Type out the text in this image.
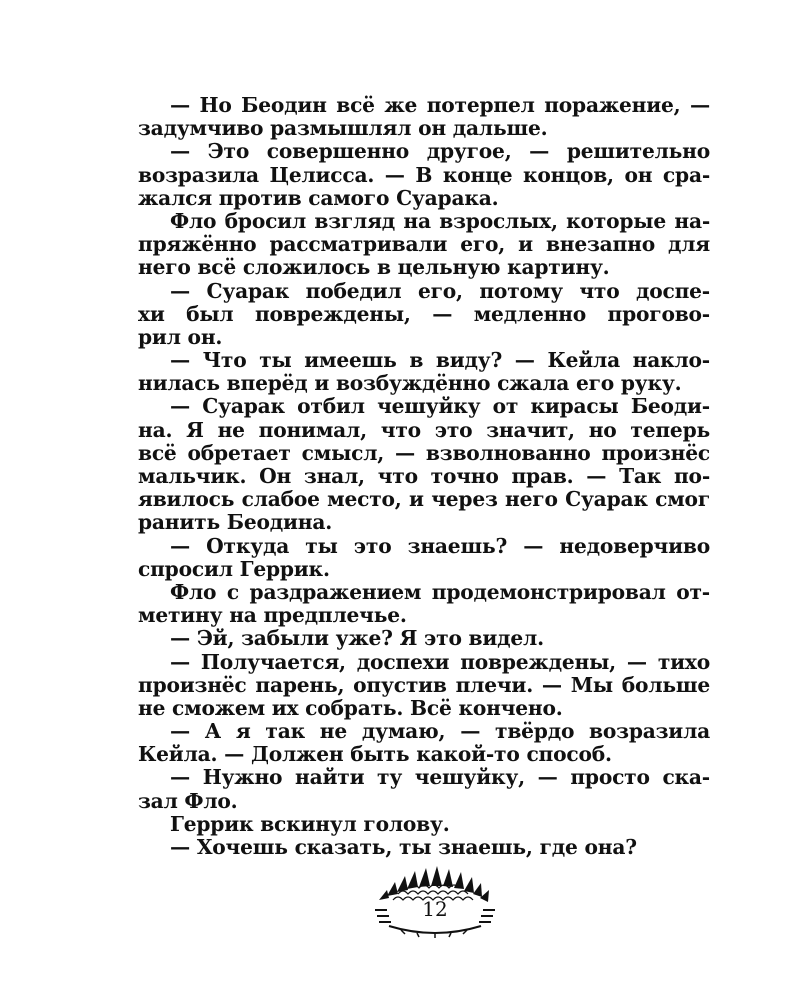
— Но Беодин всё же потерпел поражение, —
задумчиво размышлял он дальше.
— Это совершенно другое, — решительно
возразила Целисса. — В конце концов, он сра-
жался против самого Суарака.
Фло бросил взгляд на взрослых, которые на-
пряжённо рассматривали его, и внезапно для
него всё сложилось в цельную картину.
— Суарак победил его, потому что доспе-
хи был повреждены, — медленно прогово-
рил он.
— Что ты имеешь в виду? — Кейла накло-
нилась вперёд и возбуждённо сжала его руку.
— Суарак отбил чешуйку от кирасы Беоди-
на. Я не понимал, что это значит, но теперь
всё обретает смысл, — взволнованно произнёс
мальчик. Он знал, что точно прав. — Так по-
явилось слабое место, и через него Суарак смог
ранить Беодина.
— Откуда ты это знаешь? — недоверчиво
спросил Геррик.
Фло с раздражением продемонстрировал от-
метину на предплечье.
— Эй, забыли уже? Я это видел.
— Получается, доспехи повреждены, — тихо
произнёс парень, опустив плечи. — Мы больше
не сможем их собрать. Всё кончено.
— А я так не думаю, — твёрдо возразила
Кейла. — Должен быть какой-то способ.
— Нужно найти ту чешуйку, — просто ска-
зал Фло.
Геррик вскинул голову.
— Хочешь сказать, ты знаешь, где она?
12
